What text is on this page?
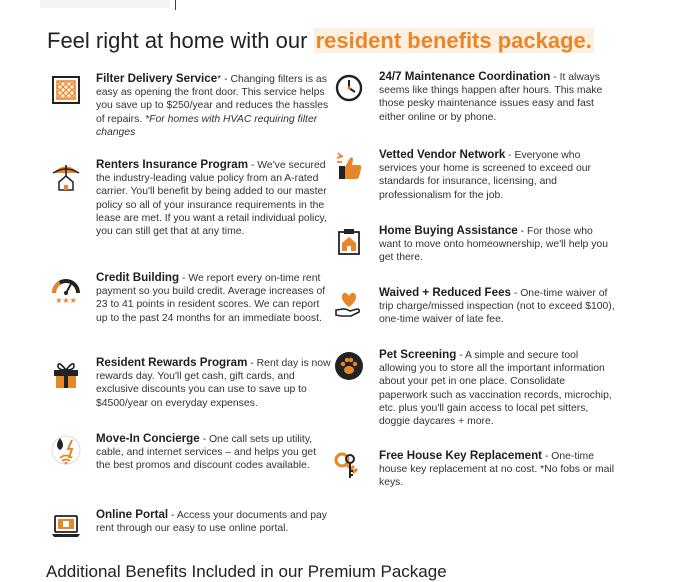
Feel right at home with our resident benefits package.
Filter Delivery Service* - Changing filters is as easy as opening the front door. This service helps you save up to $250/year and reduces the hassles of repairs. *For homes with HVAC requiring filter changes
Renters Insurance Program - We've secured the industry-leading value policy from an A-rated carrier. You'll benefit by being added to our master policy so all of your insurance requirements in the lease are met. If you want a retail individual policy, you can still get that at any time.
★★★
Credit Building - We report every on-time rent payment so you build credit. Average increases of 23 to 41 points in resident scores. We can report up to the past 24 months for an immediate boost.
Resident Rewards Program - Rent day is now rewards day. You'll get cash, gift cards, and exclusive discounts you can use to save up to $4500/year on everyday expenses.
Move-In Concierge - One call sets up utility, cable, and internet services – and helps you get the best promos and discount codes available.
Online Portal - Access your documents and pay rent through our easy to use online portal.
24/7 Maintenance Coordination - It always seems like things happen after hours. This make those pesky maintenance issues easy and fast either online or by phone.
Vetted Vendor Network - Everyone who services your home is screened to exceed our standards for insurance, licensing, and professionalism for the job.
Home Buying Assistance - For those who want to move onto homeownership, we'll help you get there.
Waived + Reduced Fees - One-time waiver of trip charge/missed inspection (not to exceed $100), one-time waiver of late fee.
Pet Screening - A simple and secure tool allowing you to store all the important information about your pet in one place. Consolidate paperwork such as vaccination records, microchip, etc. plus you'll gain access to local pet sitters, doggie daycares + more.
Free House Key Replacement - One-time house key replacement at no cost. *No fobs or mail keys.
Additional Benefits Included in our Premium Package
